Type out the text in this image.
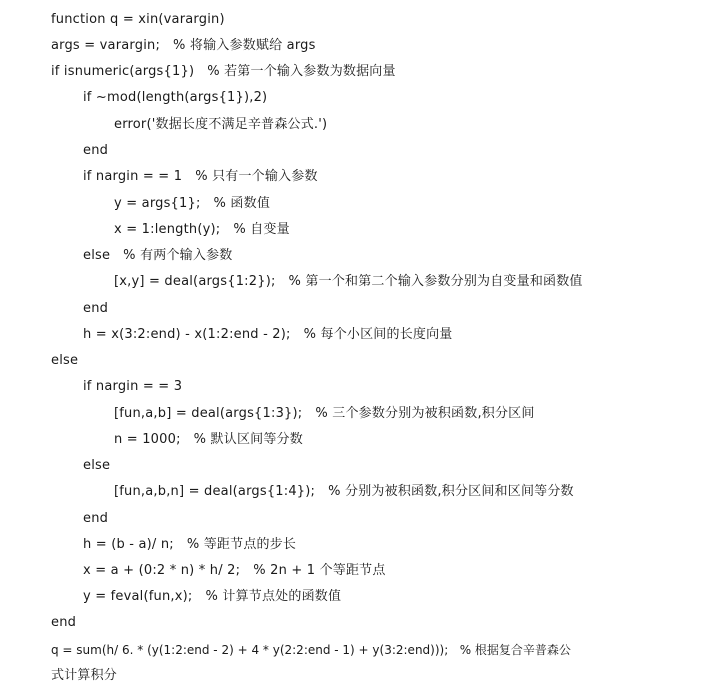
function q = xin(varargin)
args = varargin;   % 将输入参数赋给 args
if isnumeric(args{1})   % 若第一个输入参数为数据向量
if ~mod(length(args{1}),2)
error('数据长度不满足辛普森公式.')
end
if nargin = = 1   % 只有一个输入参数
y = args{1};   % 函数值
x = 1:length(y);   % 自变量
else   % 有两个输入参数
[x,y] = deal(args{1:2});   % 第一个和第二个输入参数分别为自变量和函数值
end
h = x(3:2:end) - x(1:2:end - 2);   % 每个小区间的长度向量
else
if nargin = = 3
[fun,a,b] = deal(args{1:3});   % 三个参数分别为被积函数,积分区间
n = 1000;   % 默认区间等分数
else
[fun,a,b,n] = deal(args{1:4});   % 分别为被积函数,积分区间和区间等分数
end
h = (b - a)/ n;   % 等距节点的步长
x = a + (0:2 * n) * h/ 2;   % 2n + 1 个等距节点
y = feval(fun,x);   % 计算节点处的函数值
end
q = sum(h/ 6. * (y(1:2:end - 2) + 4 * y(2:2:end - 1) + y(3:2:end)));   % 根据复合辛普森公
式计算积分
